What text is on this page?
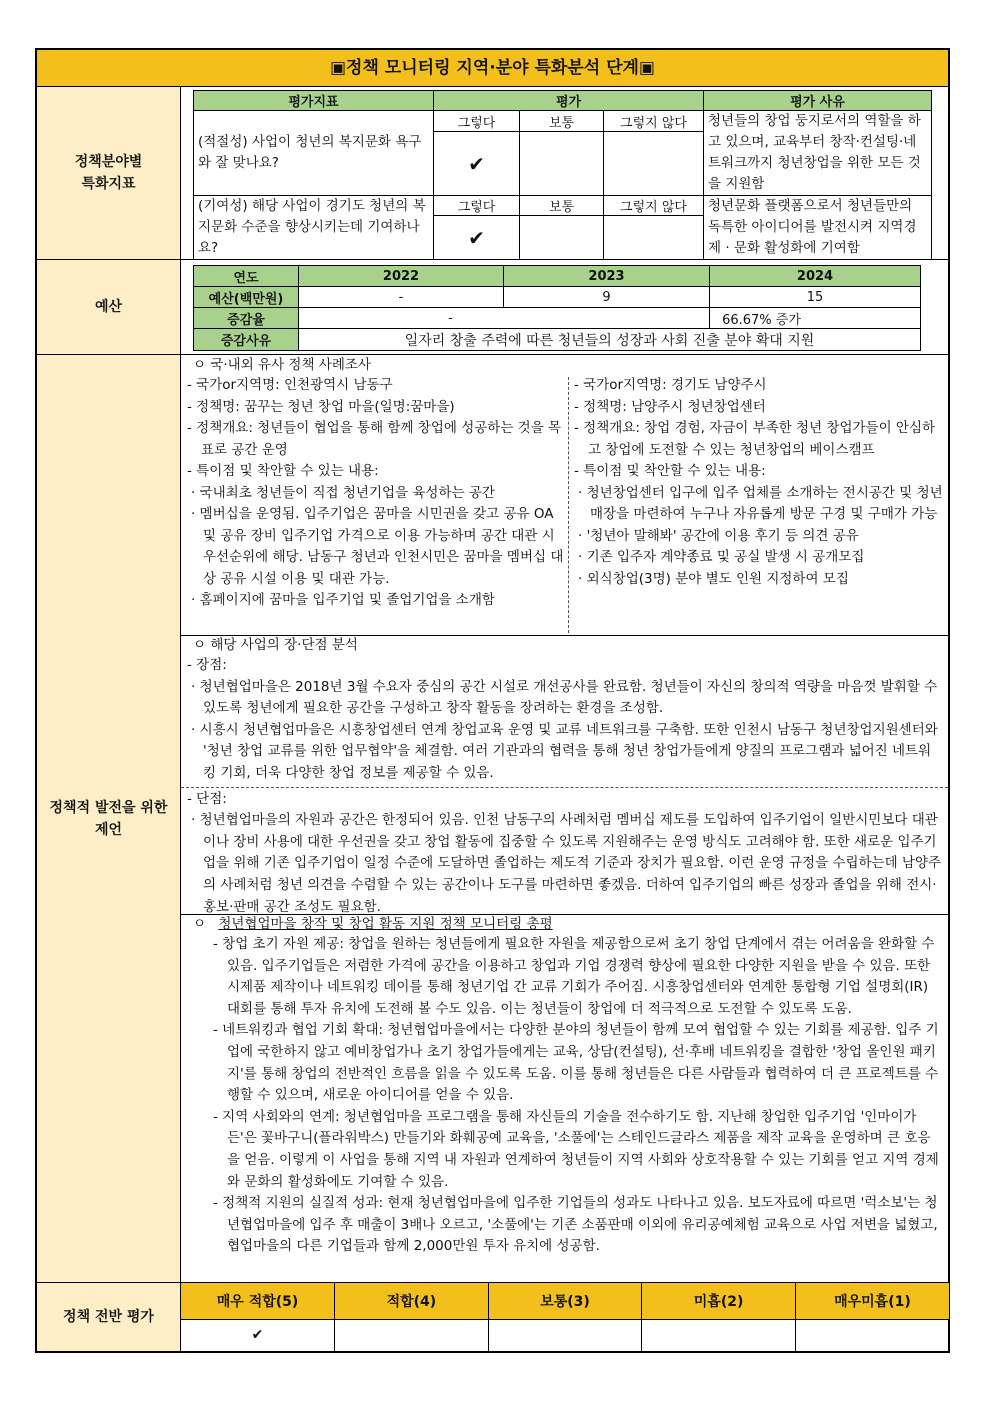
▣정책 모니터링 지역·분야 특화분석 단계▣
정책분야별
특화지표
평가지표	평가			평가 사유
(적절성) 사업이 청년의 복지문화 욕구와 잘 맞나요?	그렇다	보통	그렇지 않다	청년들의 창업 둥지로서의 역할을 하고 있으며, 교육부터 창작·컨설팅·네트워크까지 청년창업을 위한 모든 것을 지원함
	✔			
(기여성) 해당 사업이 경기도 청년의 복지문화 수준을 향상시키는데 기여하나요?	그렇다	보통	그렇지 않다	청년문화 플랫폼으로서 청년들만의 독특한 아이디어를 발전시켜 지역경제 · 문화 활성화에 기여함
	✔			
예산
연도	2022	2023	2024
예산(백만원)	-	9	15
증감율	-		66.67% 증가
증감사유	일자리 창출 주력에 따른 청년들의 성장과 사회 진출 분야 확대 지원		
정책적 발전을 위한
제언
ㅇ 국·내외 유사 정책 사례조사
- 국가or지역명: 인천광역시 남동구
- 정책명: 꿈꾸는 청년 창업 마을(일명:꿈마을)
- 정책개요: 청년들이 협업을 통해 함께 창업에 성공하는 것을 목표로 공간 운영
- 특이점 및 착안할 수 있는 내용:
· 국내최초 청년들이 직접 청년기업을 육성하는 공간
· 멤버십을 운영됨. 입주기업은 꿈마을 시민권을 갖고 공유 OA 및 공유 장비 입주기업 가격으로 이용 가능하며 공간 대관 시 우선순위에 해당. 남동구 청년과 인천시민은 꿈마을 멤버십 대상 공유 시설 이용 및 대관 가능.
· 홈페이지에 꿈마을 입주기업 및 졸업기업을 소개함
- 국가or지역명: 경기도 남양주시
- 정책명: 남양주시 청년창업센터
- 정책개요: 창업 경험, 자금이 부족한 청년 창업가들이 안심하고 창업에 도전할 수 있는 청년창업의 베이스캠프
- 특이점 및 착안할 수 있는 내용:
· 청년창업센터 입구에 입주 업체를 소개하는 전시공간 및 청년 매장을 마련하여 누구나 자유롭게 방문 구경 및 구매가 가능
· '청년아 말해봐' 공간에 이용 후기 등 의견 공유
· 기존 입주자 계약종료 및 공실 발생 시 공개모집
· 외식창업(3명) 분야 별도 인원 지정하여 모집
ㅇ 해당 사업의 장·단점 분석
- 장점:
· 청년협업마을은 2018년 3월 수요자 중심의 공간 시설로 개선공사를 완료함. 청년들이 자신의 창의적 역량을 마음껏 발휘할 수 있도록 청년에게 필요한 공간을 구성하고 창작 활동을 장려하는 환경을 조성함.
· 시흥시 청년협업마을은 시흥창업센터 연계 창업교육 운영 및 교류 네트워크를 구축함. 또한 인천시 남동구 청년창업지원센터와 '청년 창업 교류를 위한 업무협약'을 체결함. 여러 기관과의 협력을 통해 청년 창업가들에게 양질의 프로그램과 넓어진 네트워킹 기회, 더욱 다양한 창업 정보를 제공할 수 있음.
- 단점:
· 청년협업마을의 자원과 공간은 한정되어 있음. 인천 남동구의 사례처럼 멤버십 제도를 도입하여 입주기업이 일반시민보다 대관이나 장비 사용에 대한 우선권을 갖고 창업 활동에 집중할 수 있도록 지원해주는 운영 방식도 고려해야 함. 또한 새로운 입주기업을 위해 기존 입주기업이 일정 수준에 도달하면 졸업하는 제도적 기준과 장치가 필요함. 이런 운영 규정을 수립하는데 남양주의 사례처럼 청년 의견을 수렴할 수 있는 공간이나 도구를 마련하면 좋겠음. 더하여 입주기업의 빠른 성장과 졸업을 위해 전시·홍보·판매 공간 조성도 필요함.
ㅇ 청년협업마을 창작 및 창업 활동 지원 정책 모니터링 총평
- 창업 초기 자원 제공: 창업을 원하는 청년들에게 필요한 자원을 제공함으로써 초기 창업 단계에서 겪는 어려움을 완화할 수 있음. 입주기업들은 저렴한 가격에 공간을 이용하고 창업과 기업 경쟁력 향상에 필요한 다양한 지원을 받을 수 있음. 또한 시제품 제작이나 네트워킹 데이를 통해 청년기업 간 교류 기회가 주어짐. 시흥창업센터와 연계한 통합형 기업 설명회(IR) 대회를 통해 투자 유치에 도전해 볼 수도 있음. 이는 청년들이 창업에 더 적극적으로 도전할 수 있도록 도움.
- 네트워킹과 협업 기회 확대: 청년협업마을에서는 다양한 분야의 청년들이 함께 모여 협업할 수 있는 기회를 제공함. 입주 기업에 국한하지 않고 예비창업가나 초기 창업가들에게는 교육, 상담(컨설팅), 선·후배 네트워킹을 결합한 '창업 올인원 패키지'를 통해 창업의 전반적인 흐름을 읽을 수 있도록 도움. 이를 통해 청년들은 다른 사람들과 협력하여 더 큰 프로젝트를 수행할 수 있으며, 새로운 아이디어를 얻을 수 있음.
- 지역 사회와의 연계: 청년협업마을 프로그램을 통해 자신들의 기술을 전수하기도 함. 지난해 창업한 입주기업 '인마이가든'은 꽃바구니(플라워박스) 만들기와 화훼공예 교육을, '소풀에'는 스테인드글라스 제품을 제작 교육을 운영하며 큰 호응을 얻음. 이렇게 이 사업을 통해 지역 내 자원과 연계하여 청년들이 지역 사회와 상호작용할 수 있는 기회를 얻고 지역 경제와 문화의 활성화에도 기여할 수 있음.
- 정책적 지원의 실질적 성과: 현재 청년협업마을에 입주한 기업들의 성과도 나타나고 있음. 보도자료에 따르면 '럭소보'는 청년협업마을에 입주 후 매출이 3배나 오르고, '소풀에'는 기존 소품판매 이외에 유리공예체험 교육으로 사업 저변을 넓혔고, 협업마을의 다른 기업들과 함께 2,000만원 투자 유치에 성공함.
정책 전반 평가
매우 적합(5)	적합(4)	보통(3)	미흡(2)	매우미흡(1)
✔				
